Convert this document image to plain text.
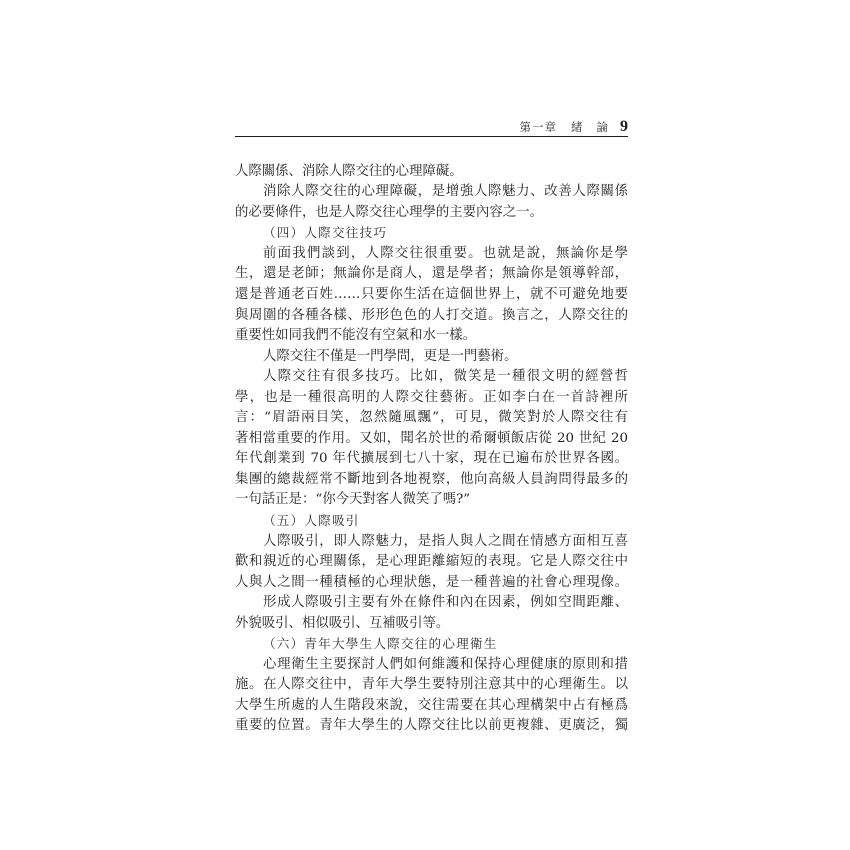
第一章 緒 論 9
人際關係、消除人際交往的心理障礙。
消除人際交往的心理障礙，是增強人際魅力、改善人際關係
的必要條件，也是人際交往心理學的主要內容之一。
（四）人際交往技巧
前面我們談到，人際交往很重要。也就是說，無論你是學
生，還是老師；無論你是商人，還是學者；無論你是領導幹部，
還是普通老百姓……只要你生活在這個世界上，就不可避免地要
與周圍的各種各樣、形形色色的人打交道。換言之，人際交往的
重要性如同我們不能沒有空氣和水一樣。
人際交往不僅是一門學問，更是一門藝術。
人際交往有很多技巧。比如，微笑是一種很文明的經營哲
學，也是一種很高明的人際交往藝術。正如李白在一首詩裡所
言：“眉語兩目笑，忽然隨風飄”，可見，微笑對於人際交往有
著相當重要的作用。又如，聞名於世的希爾頓飯店從 20 世紀 20
年代創業到 70 年代擴展到七八十家，現在已遍布於世界各國。
集團的總裁經常不斷地到各地視察，他向高級人員詢問得最多的
一句話正是：“你今天對客人微笑了嗎?”
（五）人際吸引
人際吸引，即人際魅力，是指人與人之間在情感方面相互喜
歡和親近的心理關係，是心理距離縮短的表現。它是人際交往中
人與人之間一種積極的心理狀態，是一種普遍的社會心理現像。
形成人際吸引主要有外在條件和內在因素，例如空間距離、
外貌吸引、相似吸引、互補吸引等。
（六）青年大學生人際交往的心理衛生
心理衛生主要探討人們如何維護和保持心理健康的原則和措
施。在人際交往中，青年大學生要特別注意其中的心理衛生。以
大學生所處的人生階段來說，交往需要在其心理構架中占有極爲
重要的位置。青年大學生的人際交往比以前更複雜、更廣泛，獨
